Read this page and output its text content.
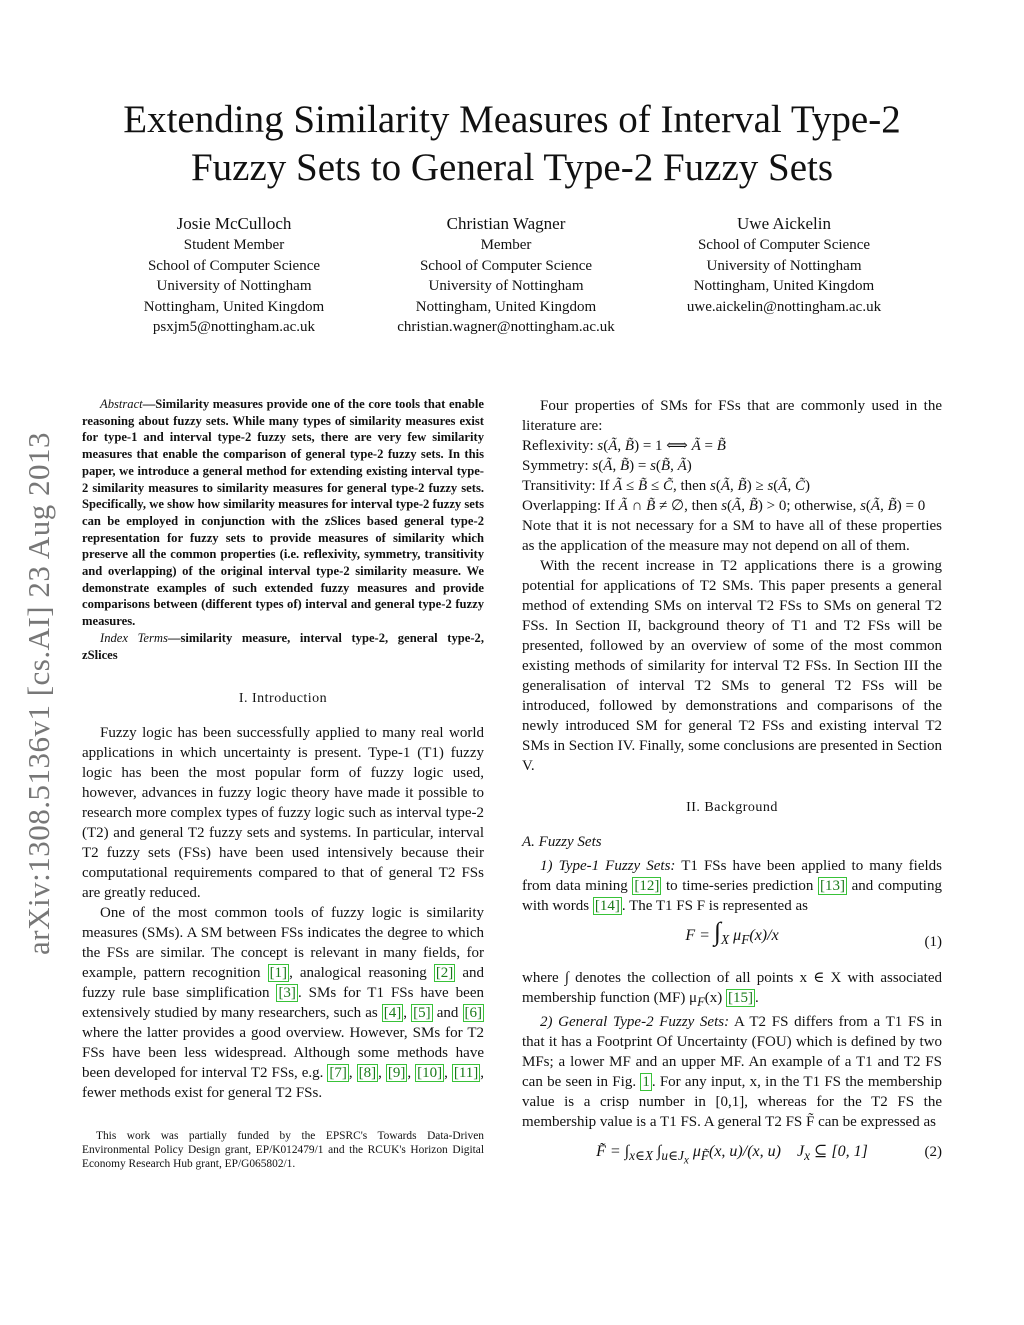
Extending Similarity Measures of Interval Type-2
Fuzzy Sets to General Type-2 Fuzzy Sets
Josie McCulloch
Student Member
School of Computer Science
University of Nottingham
Nottingham, United Kingdom
psxjm5@nottingham.ac.uk
Christian Wagner
Member
School of Computer Science
University of Nottingham
Nottingham, United Kingdom
christian.wagner@nottingham.ac.uk
Uwe Aickelin
School of Computer Science
University of Nottingham
Nottingham, United Kingdom
uwe.aickelin@nottingham.ac.uk
arXiv:1308.5136v1 [cs.AI] 23 Aug 2013

Abstract—Similarity measures provide one of the core tools that enable reasoning about fuzzy sets. While many types of similarity measures exist for type-1 and interval type-2 fuzzy sets, there are very few similarity measures that enable the comparison of general type-2 fuzzy sets. In this paper, we introduce a general method for extending existing interval type-2 similarity measures to similarity measures for general type-2 fuzzy sets. Specifically, we show how similarity measures for interval type-2 fuzzy sets can be employed in conjunction with the zSlices based general type-2 representation for fuzzy sets to provide measures of similarity which preserve all the common properties (i.e. reflexivity, symmetry, transitivity and overlapping) of the original interval type-2 similarity measure. We demonstrate examples of such extended fuzzy measures and provide comparisons between (different types of) interval and general type-2 fuzzy measures.

Index Terms—similarity measure, interval type-2, general type-2, zSlices

I. Introduction

Fuzzy logic has been successfully applied to many real world applications in which uncertainty is present. Type-1 (T1) fuzzy logic has been the most popular form of fuzzy logic used, however, advances in fuzzy logic theory have made it possible to research more complex types of fuzzy logic such as interval type-2 (T2) and general T2 fuzzy sets and systems. In particular, interval T2 fuzzy sets (FSs) have been used intensively because their computational requirements compared to that of general T2 FSs are greatly reduced.

One of the most common tools of fuzzy logic is similarity measures (SMs). A SM between FSs indicates the degree to which the FSs are similar. The concept is relevant in many fields, for example, pattern recognition [1] , analogical reasoning [2] and fuzzy rule base simplification [3] . SMs for T1 FSs have been extensively studied by many researchers, such as [4] , [5] and [6] where the latter provides a good overview. However, SMs for T2 FSs have been less widespread. Although some methods have been developed for interval T2 FSs, e.g. [7] , [8] , [9] , [10] , [11] , fewer methods exist for general T2 FSs.

This work was partially funded by the EPSRC's Towards Data-Driven Environmental Policy Design grant, EP/K012479/1 and the RCUK's Horizon Digital Economy Research Hub grant, EP/G065802/1.

Four properties of SMs for FSs that are commonly used in the literature are:

Reflexivity: s(Ã, B̃) = 1 ⟺ Ã = B̃

Symmetry: s(Ã, B̃) = s(B̃, Ã)

Transitivity: If Ã ≤ B̃ ≤ C̃, then s(Ã, B̃) ≥ s(Ã, C̃)

Overlapping: If Ã ∩ B̃ ≠ ∅, then s(Ã, B̃) > 0; otherwise, s(Ã, B̃) = 0

Note that it is not necessary for a SM to have all of these properties as the application of the measure may not depend on all of them.

With the recent increase in T2 applications there is a growing potential for applications of T2 SMs. This paper presents a general method of extending SMs on interval T2 FSs to SMs on general T2 FSs. In Section II, background theory of T1 and T2 FSs will be presented, followed by an overview of some of the most common existing methods of similarity for interval T2 FSs. In Section III the generalisation of interval T2 SMs to general T2 FSs will be introduced, followed by demonstrations and comparisons of the newly introduced SM for general T2 FSs and existing interval T2 SMs in Section IV. Finally, some conclusions are presented in Section V.

II. Background

A. Fuzzy Sets

1) Type-1 Fuzzy Sets: T1 FSs have been applied to many fields from data mining [12] to time-series prediction [13] and computing with words [14] . The T1 FS F is represented as

$F = \int_X$ $\mu_F(x)/x$	(1)

where ∫ denotes the collection of all points x ∈ X with associated membership function (MF) $\mu_F(x)$ [15] .

2) General Type-2 Fuzzy Sets: A T2 FS differs from a T1 FS in that it has a Footprint Of Uncertainty (FOU) which is defined by two MFs; a lower MF and an upper MF. An example of a T1 and T2 FS can be seen in Fig. 1 . For any input, x, in the T1 FS the membership value is a crisp number in [0,1], whereas for the T2 FS the membership value is a T1 FS. A general T2 FS F̃ can be expressed as

F̃ = $\int_{x\in X}$ $\int_{u\in J_x}$ $\mu_{F̃}(x$, u)/(x, u)    $J_x$ ⊆ [0, 1]	(2)
